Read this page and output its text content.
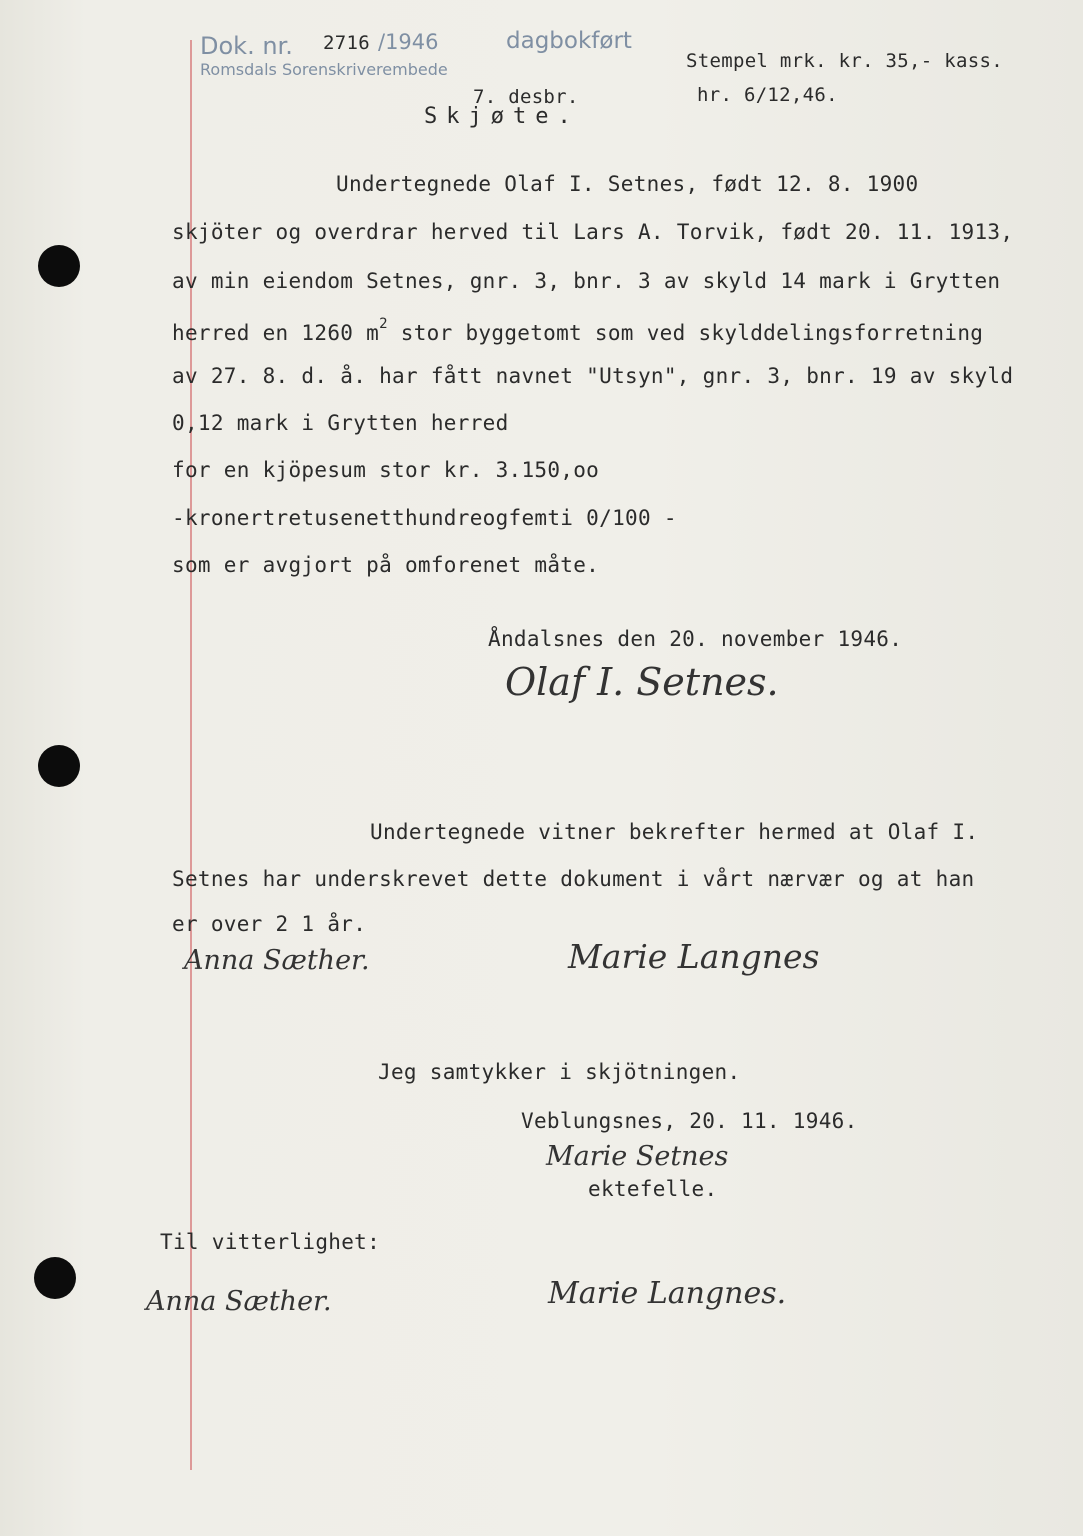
Dok. nr. 2716 /1946	dagbokført
Romsdals Sorenskriverembede
7. desbr.
Stempel mrk. kr. 35,- kass.
hr. 6/12,46.
Skjøte.
Undertegnede Olaf I. Setnes, født 12. 8. 1900
skjöter og overdrar herved til Lars A. Torvik, født 20. 11. 1913,
av min eiendom Setnes, gnr. 3, bnr. 3 av skyld 14 mark i Grytten
herred en 1260 $m^2$ stor byggetomt som ved skylddelingsforretning
av 27. 8. d. å. har fått navnet "Utsyn", gnr. 3, bnr. 19 av skyld
0,12 mark i Grytten herred
for en kjöpesum stor kr. 3.150,oo
-kronertretusenetthundreogfemti 0/100 -
som er avgjort på omforenet måte.
Åndalsnes den 20. november 1946.
Olaf I. Setnes.
Undertegnede vitner bekrefter hermed at Olaf I.
Setnes har underskrevet dette dokument i vårt nærvær og at han
er over 2 1 år.
Anna Sæther.	Marie Langnes
Jeg samtykker i skjötningen.
Veblungsnes, 20. 11. 1946.
Marie Setnes
ektefelle.
Til vitterlighet:
Anna Sæther.	Marie Langnes.
